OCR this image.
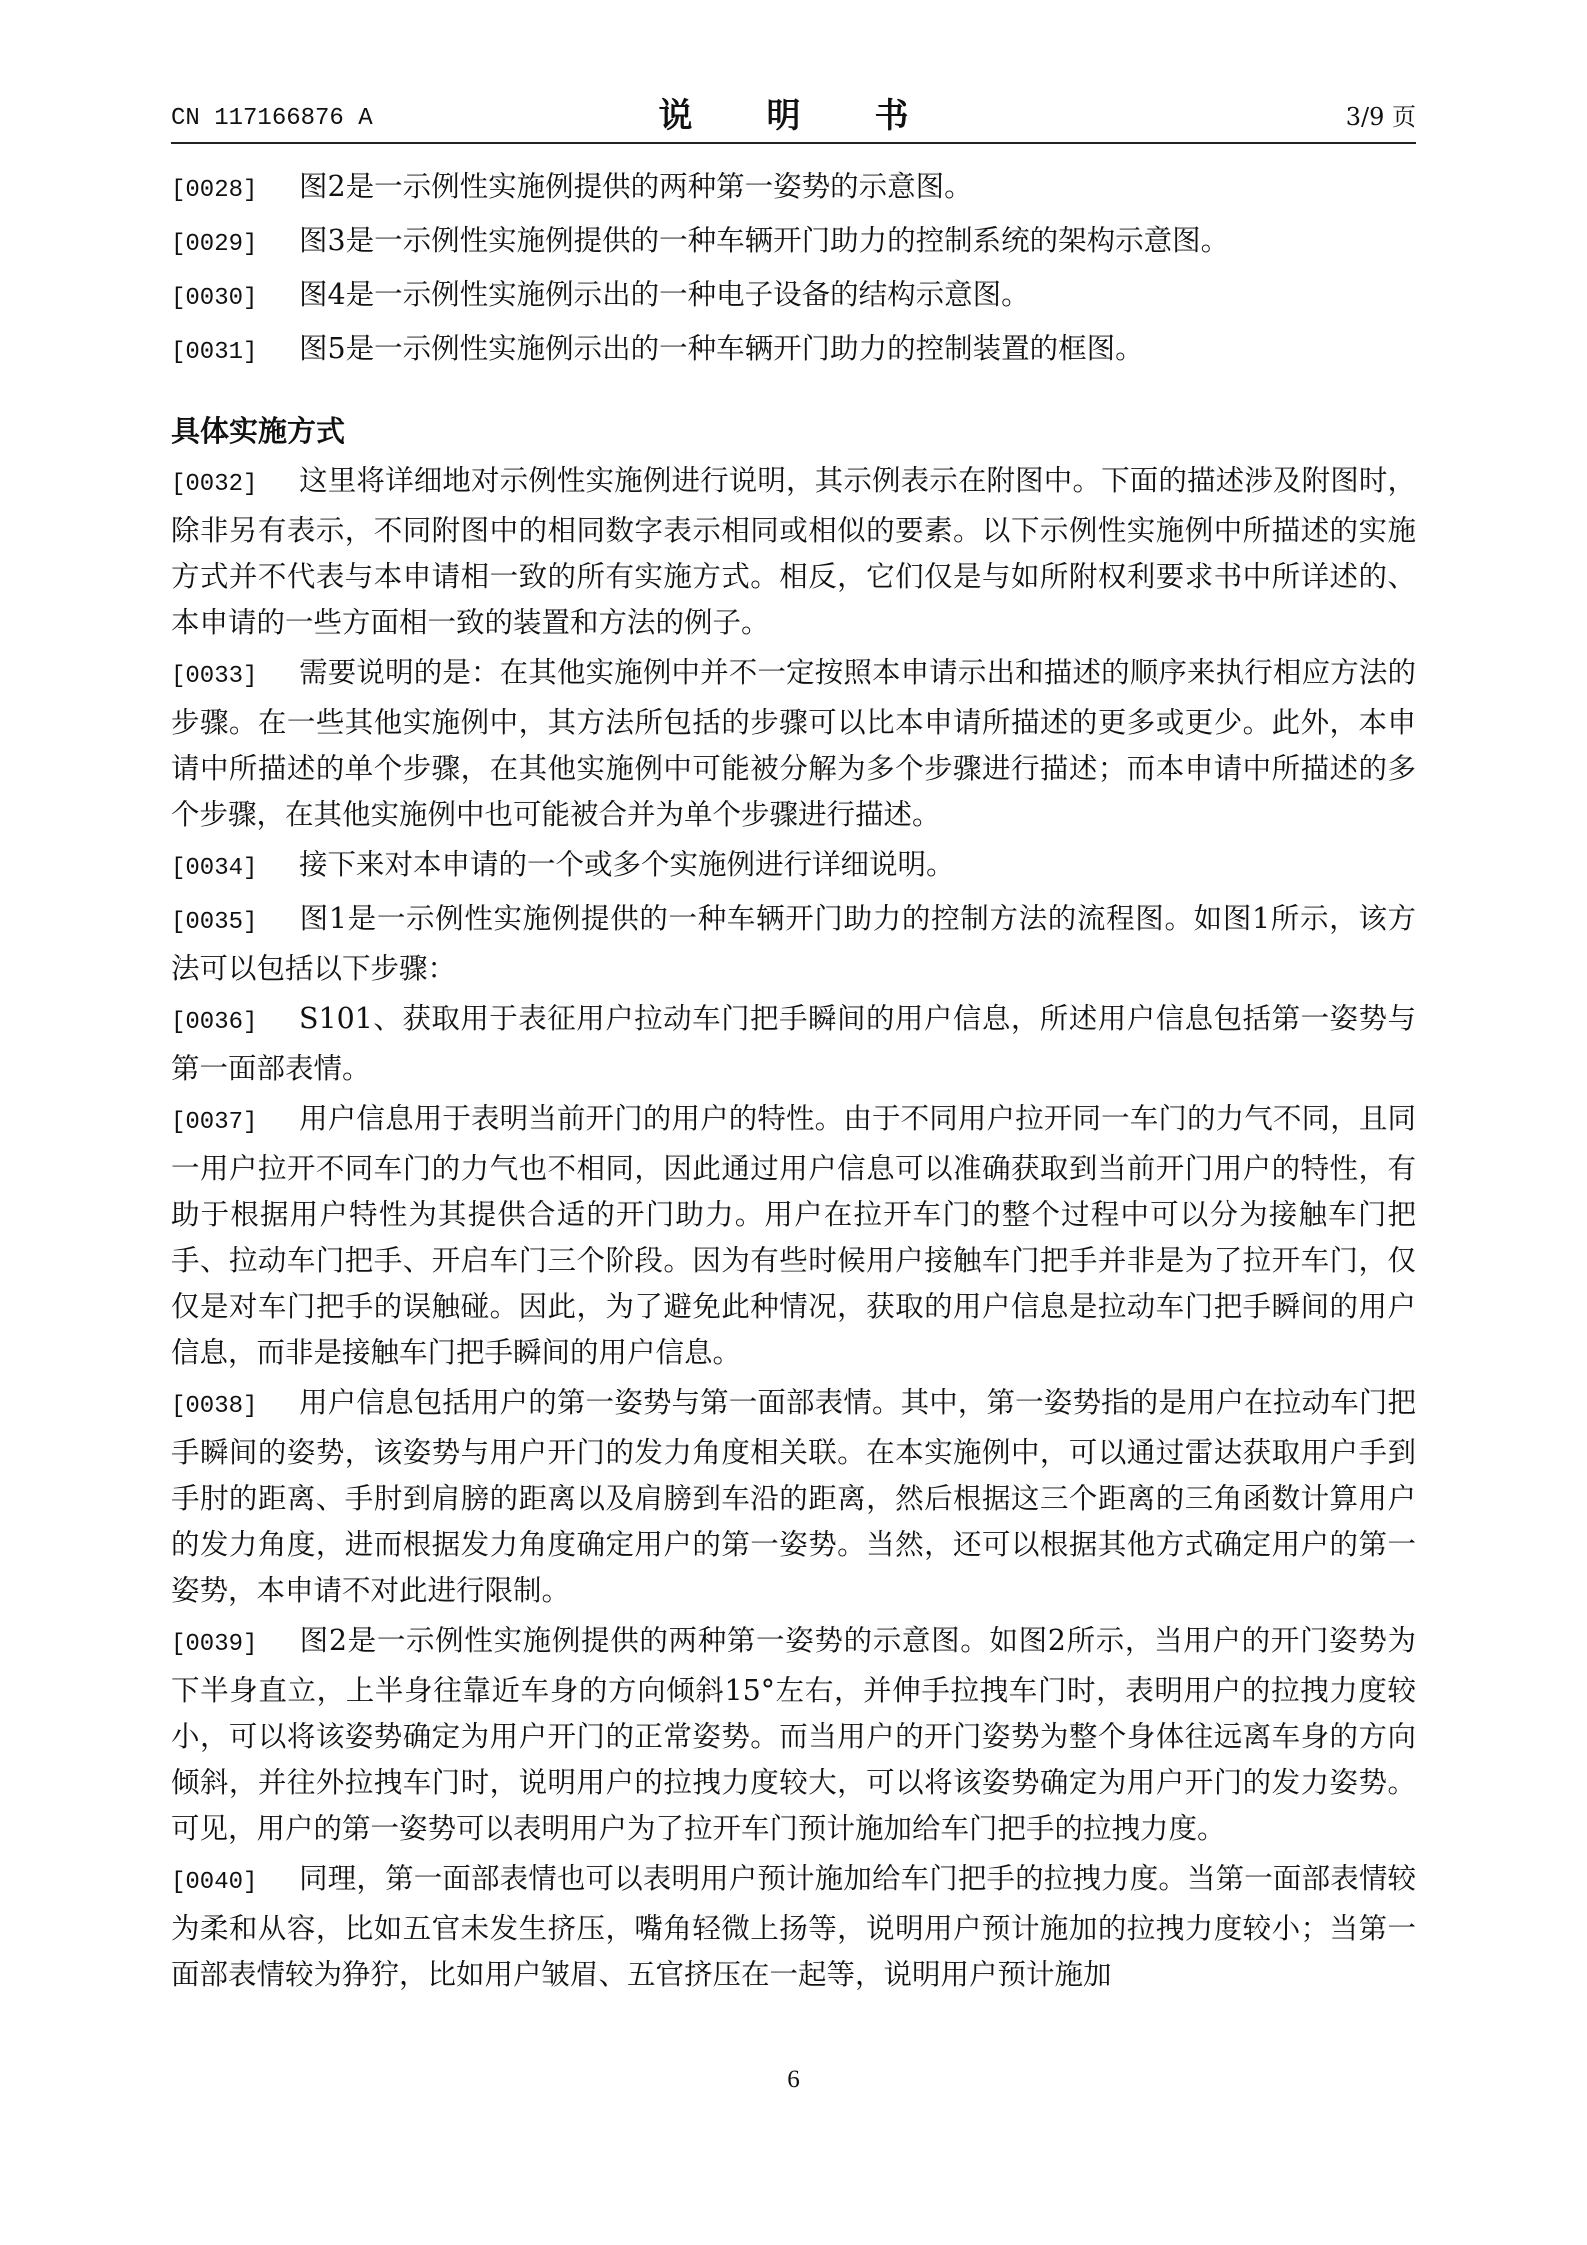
CN 117166876 A	说　明　书	3/9 页
[0028] 图2是一示例性实施例提供的两种第一姿势的示意图。
[0029] 图3是一示例性实施例提供的一种车辆开门助力的控制系统的架构示意图。
[0030] 图4是一示例性实施例示出的一种电子设备的结构示意图。
[0031] 图5是一示例性实施例示出的一种车辆开门助力的控制装置的框图。
具体实施方式
[0032] 这里将详细地对示例性实施例进行说明，其示例表示在附图中。下面的描述涉及附图时，除非另有表示，不同附图中的相同数字表示相同或相似的要素。以下示例性实施例中所描述的实施方式并不代表与本申请相一致的所有实施方式。相反，它们仅是与如所附权利要求书中所详述的、本申请的一些方面相一致的装置和方法的例子。
[0033] 需要说明的是：在其他实施例中并不一定按照本申请示出和描述的顺序来执行相应方法的步骤。在一些其他实施例中，其方法所包括的步骤可以比本申请所描述的更多或更少。此外，本申请中所描述的单个步骤，在其他实施例中可能被分解为多个步骤进行描述；而本申请中所描述的多个步骤，在其他实施例中也可能被合并为单个步骤进行描述。
[0034] 接下来对本申请的一个或多个实施例进行详细说明。
[0035] 图1是一示例性实施例提供的一种车辆开门助力的控制方法的流程图。如图1所示，该方法可以包括以下步骤：
[0036] S101、获取用于表征用户拉动车门把手瞬间的用户信息，所述用户信息包括第一姿势与第一面部表情。
[0037] 用户信息用于表明当前开门的用户的特性。由于不同用户拉开同一车门的力气不同，且同一用户拉开不同车门的力气也不相同，因此通过用户信息可以准确获取到当前开门用户的特性，有助于根据用户特性为其提供合适的开门助力。用户在拉开车门的整个过程中可以分为接触车门把手、拉动车门把手、开启车门三个阶段。因为有些时候用户接触车门把手并非是为了拉开车门，仅仅是对车门把手的误触碰。因此，为了避免此种情况，获取的用户信息是拉动车门把手瞬间的用户信息，而非是接触车门把手瞬间的用户信息。
[0038] 用户信息包括用户的第一姿势与第一面部表情。其中，第一姿势指的是用户在拉动车门把手瞬间的姿势，该姿势与用户开门的发力角度相关联。在本实施例中，可以通过雷达获取用户手到手肘的距离、手肘到肩膀的距离以及肩膀到车沿的距离，然后根据这三个距离的三角函数计算用户的发力角度，进而根据发力角度确定用户的第一姿势。当然，还可以根据其他方式确定用户的第一姿势，本申请不对此进行限制。
[0039] 图2是一示例性实施例提供的两种第一姿势的示意图。如图2所示，当用户的开门姿势为下半身直立，上半身往靠近车身的方向倾斜15°左右，并伸手拉拽车门时，表明用户的拉拽力度较小，可以将该姿势确定为用户开门的正常姿势。而当用户的开门姿势为整个身体往远离车身的方向倾斜，并往外拉拽车门时，说明用户的拉拽力度较大，可以将该姿势确定为用户开门的发力姿势。可见，用户的第一姿势可以表明用户为了拉开车门预计施加给车门把手的拉拽力度。
[0040] 同理，第一面部表情也可以表明用户预计施加给车门把手的拉拽力度。当第一面部表情较为柔和从容，比如五官未发生挤压，嘴角轻微上扬等，说明用户预计施加的拉拽力度较小；当第一面部表情较为狰狞，比如用户皱眉、五官挤压在一起等，说明用户预计施加
6
